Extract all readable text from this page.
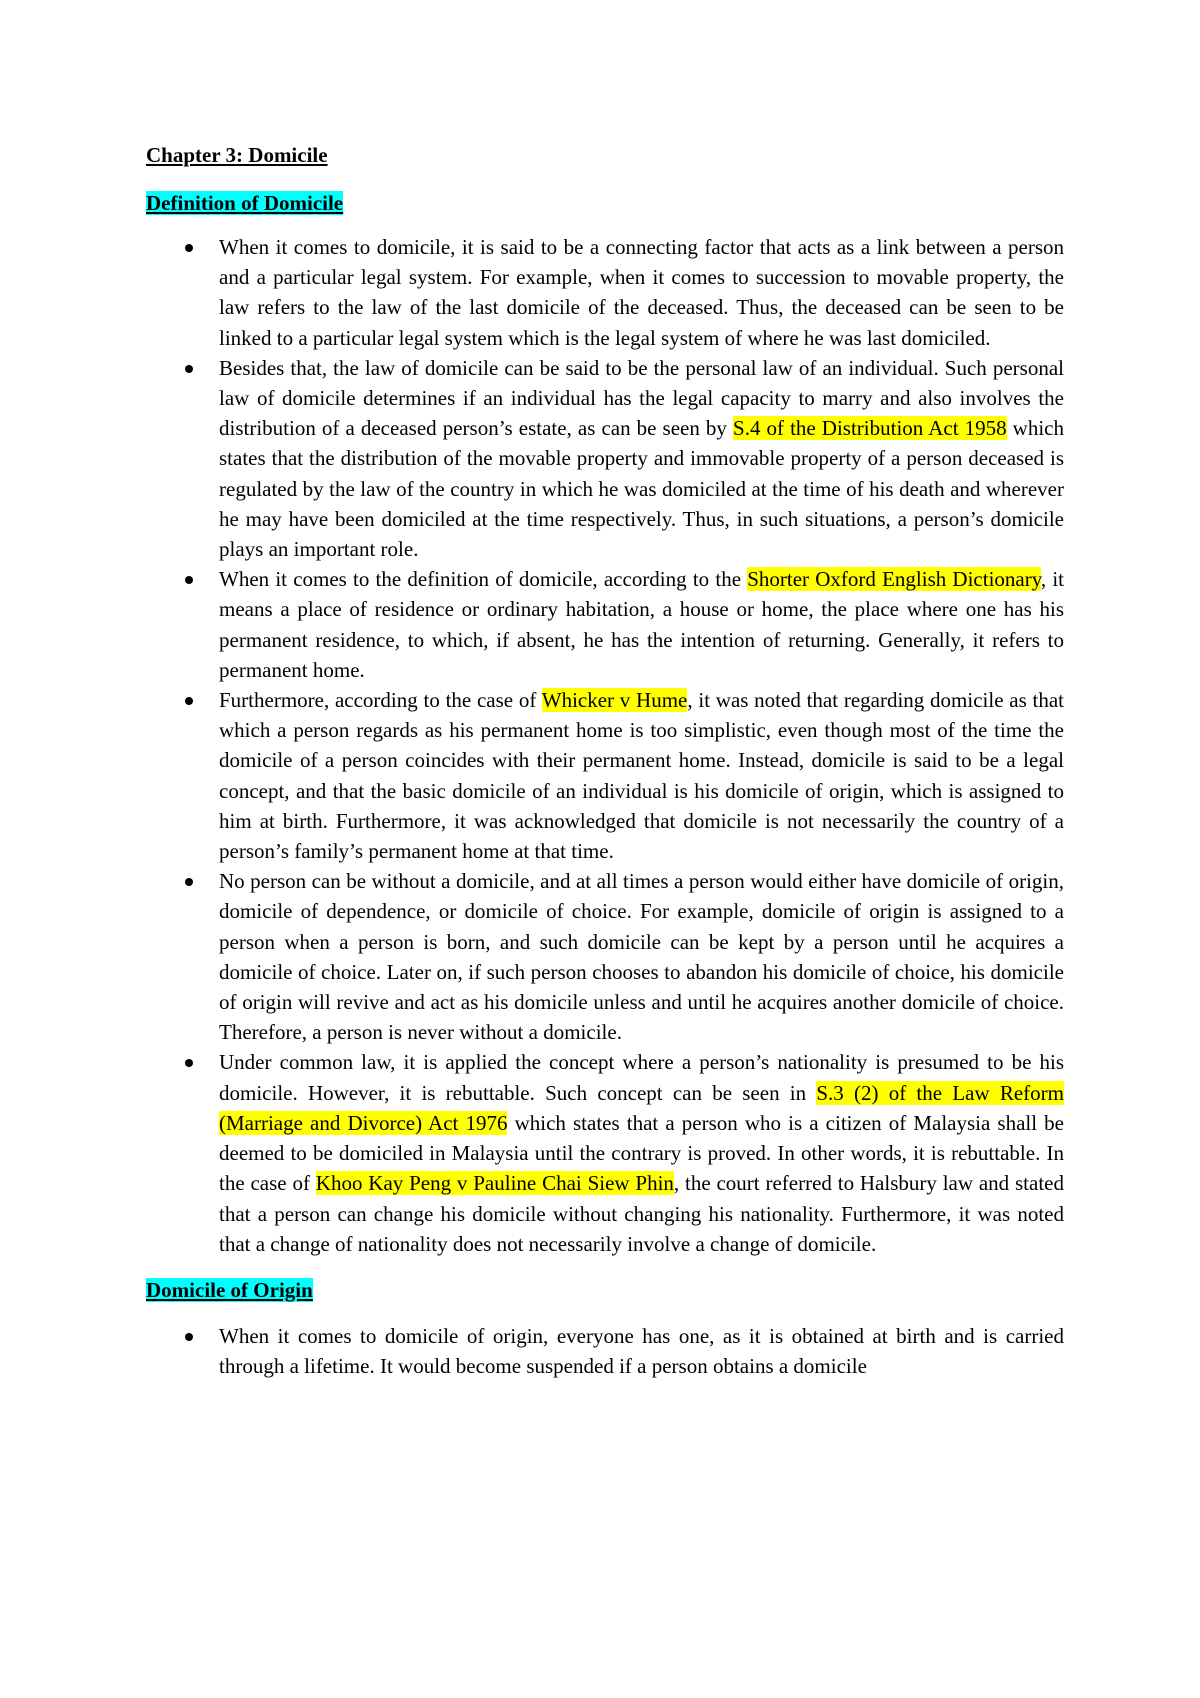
Chapter 3: Domicile
Definition of Domicile
When it comes to domicile, it is said to be a connecting factor that acts as a link between a person and a particular legal system. For example, when it comes to succession to movable property, the law refers to the law of the last domicile of the deceased. Thus, the deceased can be seen to be linked to a particular legal system which is the legal system of where he was last domiciled.
Besides that, the law of domicile can be said to be the personal law of an individual. Such personal law of domicile determines if an individual has the legal capacity to marry and also involves the distribution of a deceased person’s estate, as can be seen by S.4 of the Distribution Act 1958 which states that the distribution of the movable property and immovable property of a person deceased is regulated by the law of the country in which he was domiciled at the time of his death and wherever he may have been domiciled at the time respectively. Thus, in such situations, a person’s domicile plays an important role.
When it comes to the definition of domicile, according to the Shorter Oxford English Dictionary, it means a place of residence or ordinary habitation, a house or home, the place where one has his permanent residence, to which, if absent, he has the intention of returning. Generally, it refers to permanent home.
Furthermore, according to the case of Whicker v Hume, it was noted that regarding domicile as that which a person regards as his permanent home is too simplistic, even though most of the time the domicile of a person coincides with their permanent home. Instead, domicile is said to be a legal concept, and that the basic domicile of an individual is his domicile of origin, which is assigned to him at birth. Furthermore, it was acknowledged that domicile is not necessarily the country of a person’s family’s permanent home at that time.
No person can be without a domicile, and at all times a person would either have domicile of origin, domicile of dependence, or domicile of choice. For example, domicile of origin is assigned to a person when a person is born, and such domicile can be kept by a person until he acquires a domicile of choice. Later on, if such person chooses to abandon his domicile of choice, his domicile of origin will revive and act as his domicile unless and until he acquires another domicile of choice. Therefore, a person is never without a domicile.
Under common law, it is applied the concept where a person’s nationality is presumed to be his domicile. However, it is rebuttable. Such concept can be seen in S.3 (2) of the Law Reform (Marriage and Divorce) Act 1976 which states that a person who is a citizen of Malaysia shall be deemed to be domiciled in Malaysia until the contrary is proved. In other words, it is rebuttable. In the case of Khoo Kay Peng v Pauline Chai Siew Phin, the court referred to Halsbury law and stated that a person can change his domicile without changing his nationality. Furthermore, it was noted that a change of nationality does not necessarily involve a change of domicile.
Domicile of Origin
When it comes to domicile of origin, everyone has one, as it is obtained at birth and is carried through a lifetime. It would become suspended if a person obtains a domicile
